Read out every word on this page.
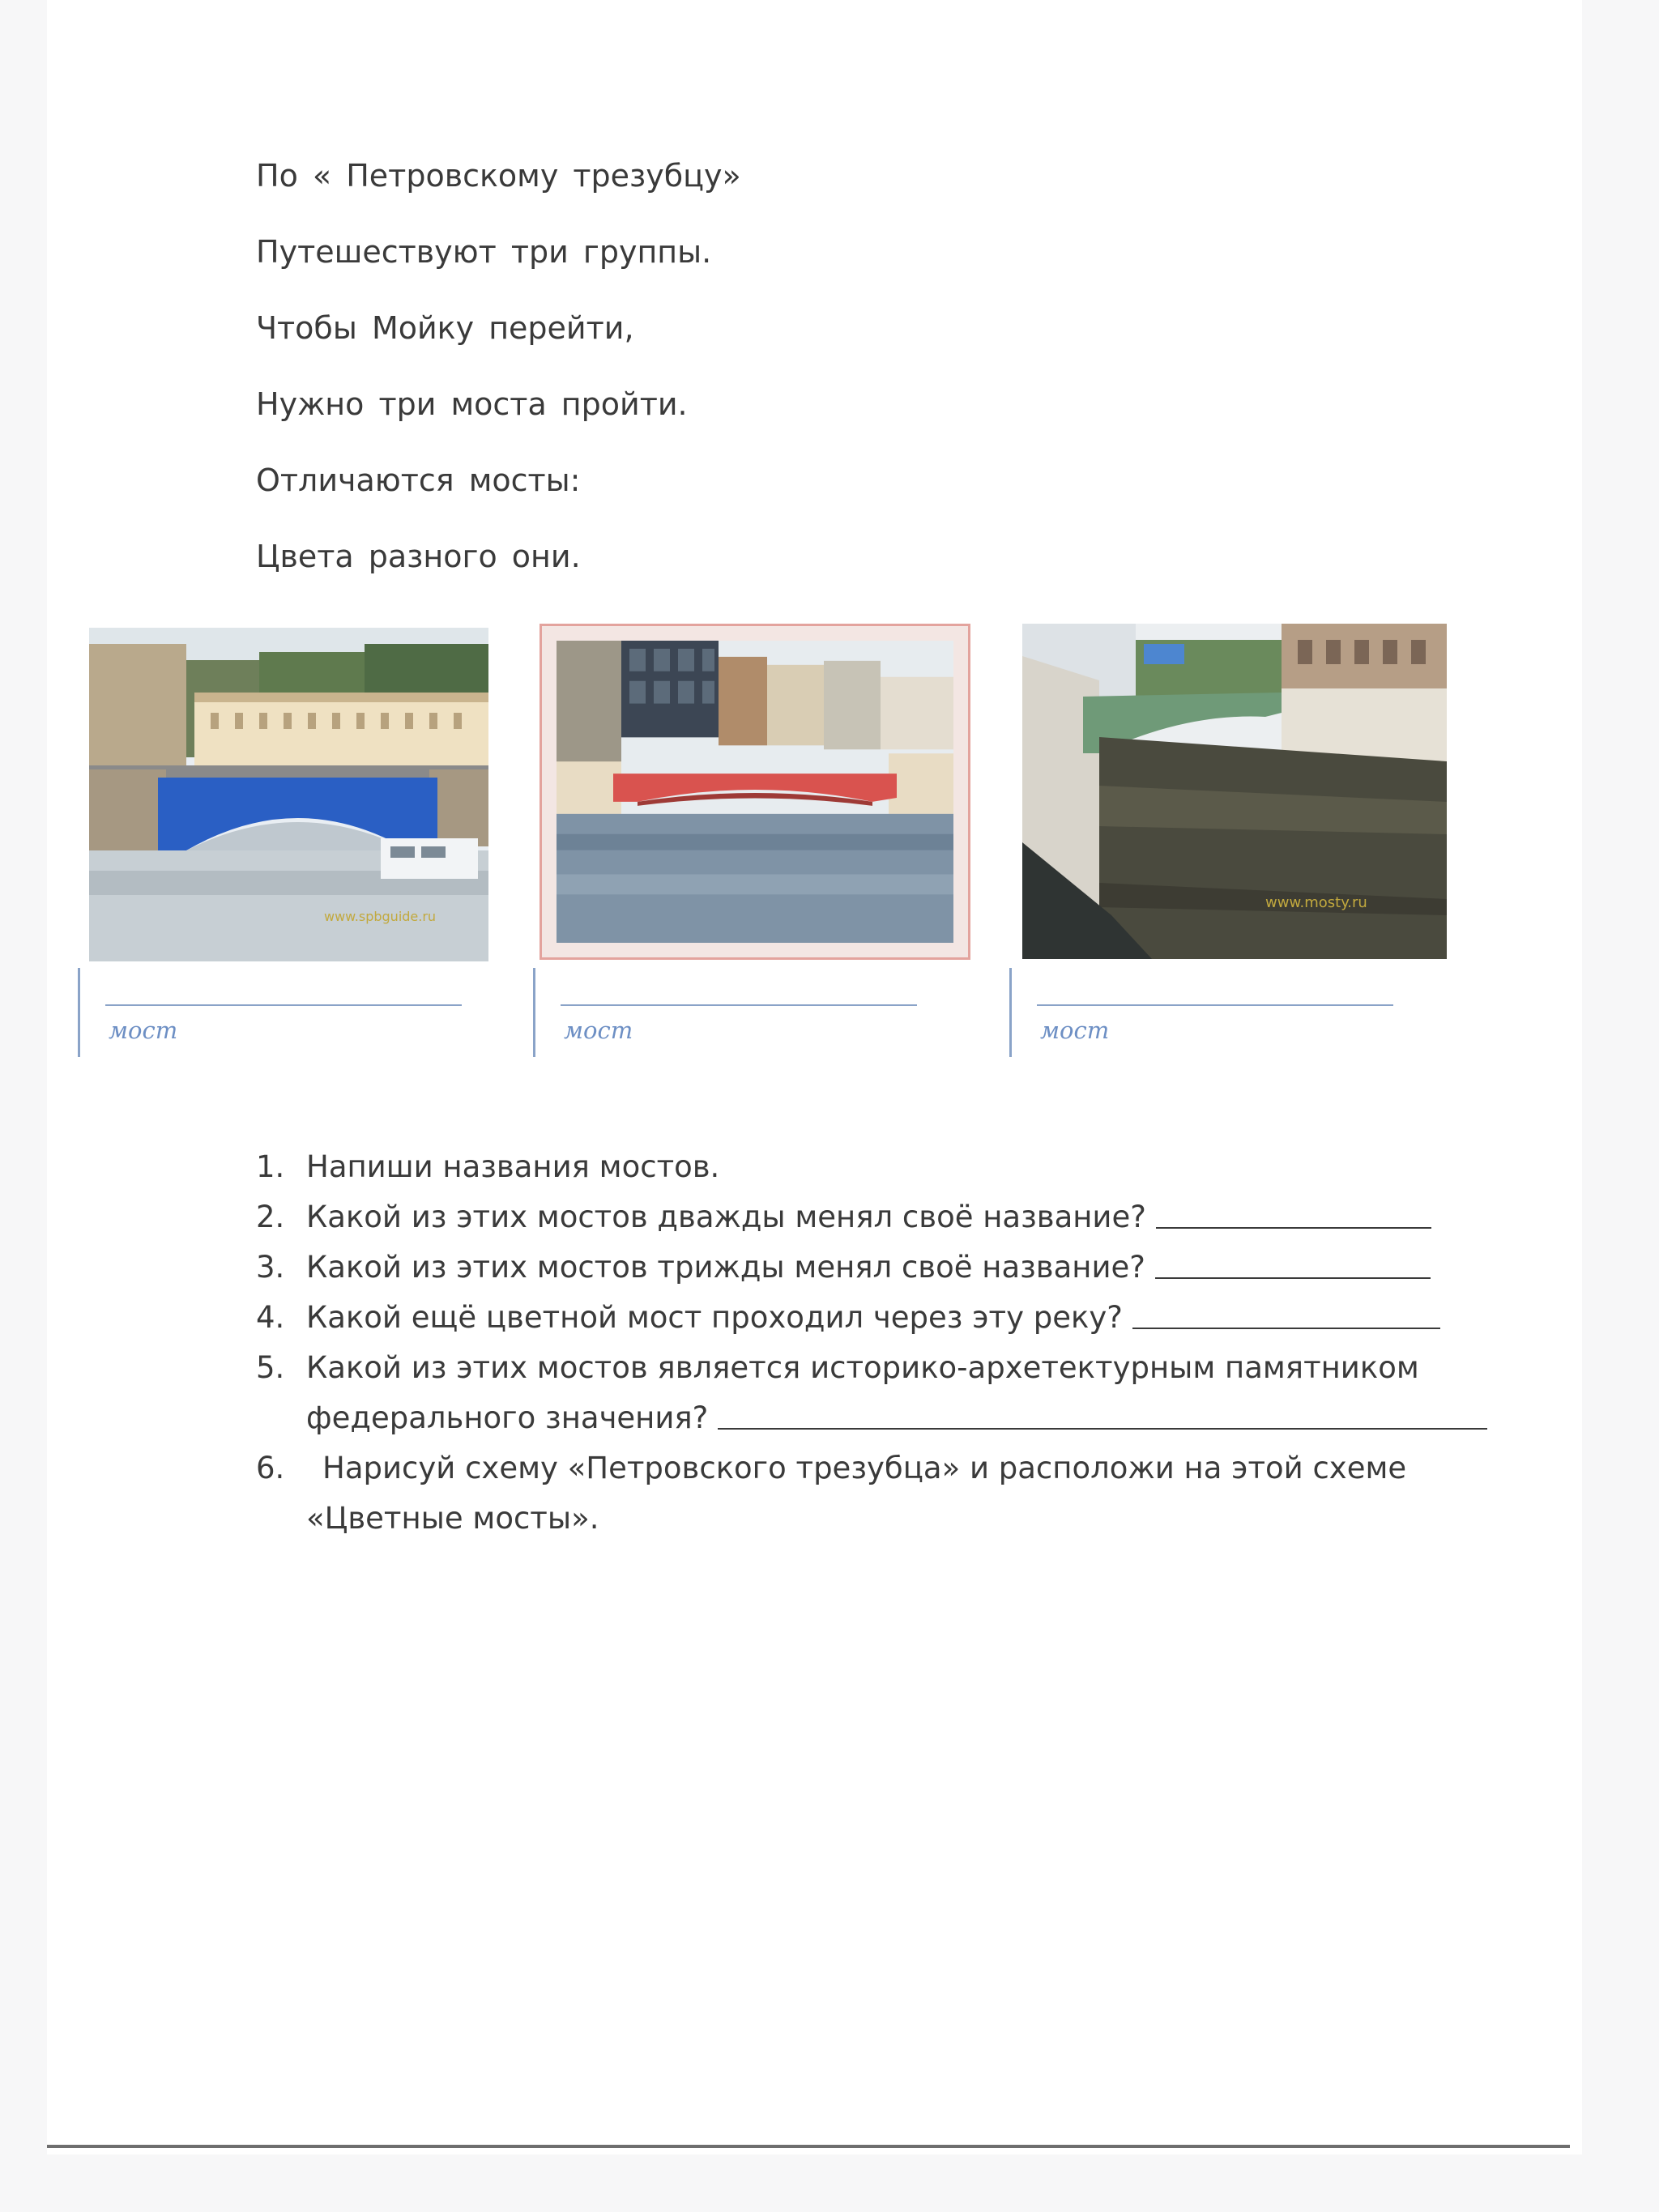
По « Петровскому трезубцу»
Путешествуют три группы.
Чтобы Мойку перейти,
Нужно три моста пройти.
Отличаются мосты:
Цвета разного они.
www.spbguide.ru
www.mosty.ru
мост	мост	мост
1. Напиши названия мостов.
2. Какой из этих мостов дважды менял своё название?
3. Какой из этих мостов трижды менял своё название?
4. Какой ещё цветной мост проходил через эту реку?
5. Какой из этих мостов является историко-архетектурным памятником
федерального значения?
6. Нарисуй схему «Петровского трезубца» и расположи на этой схеме
«Цветные мосты».
